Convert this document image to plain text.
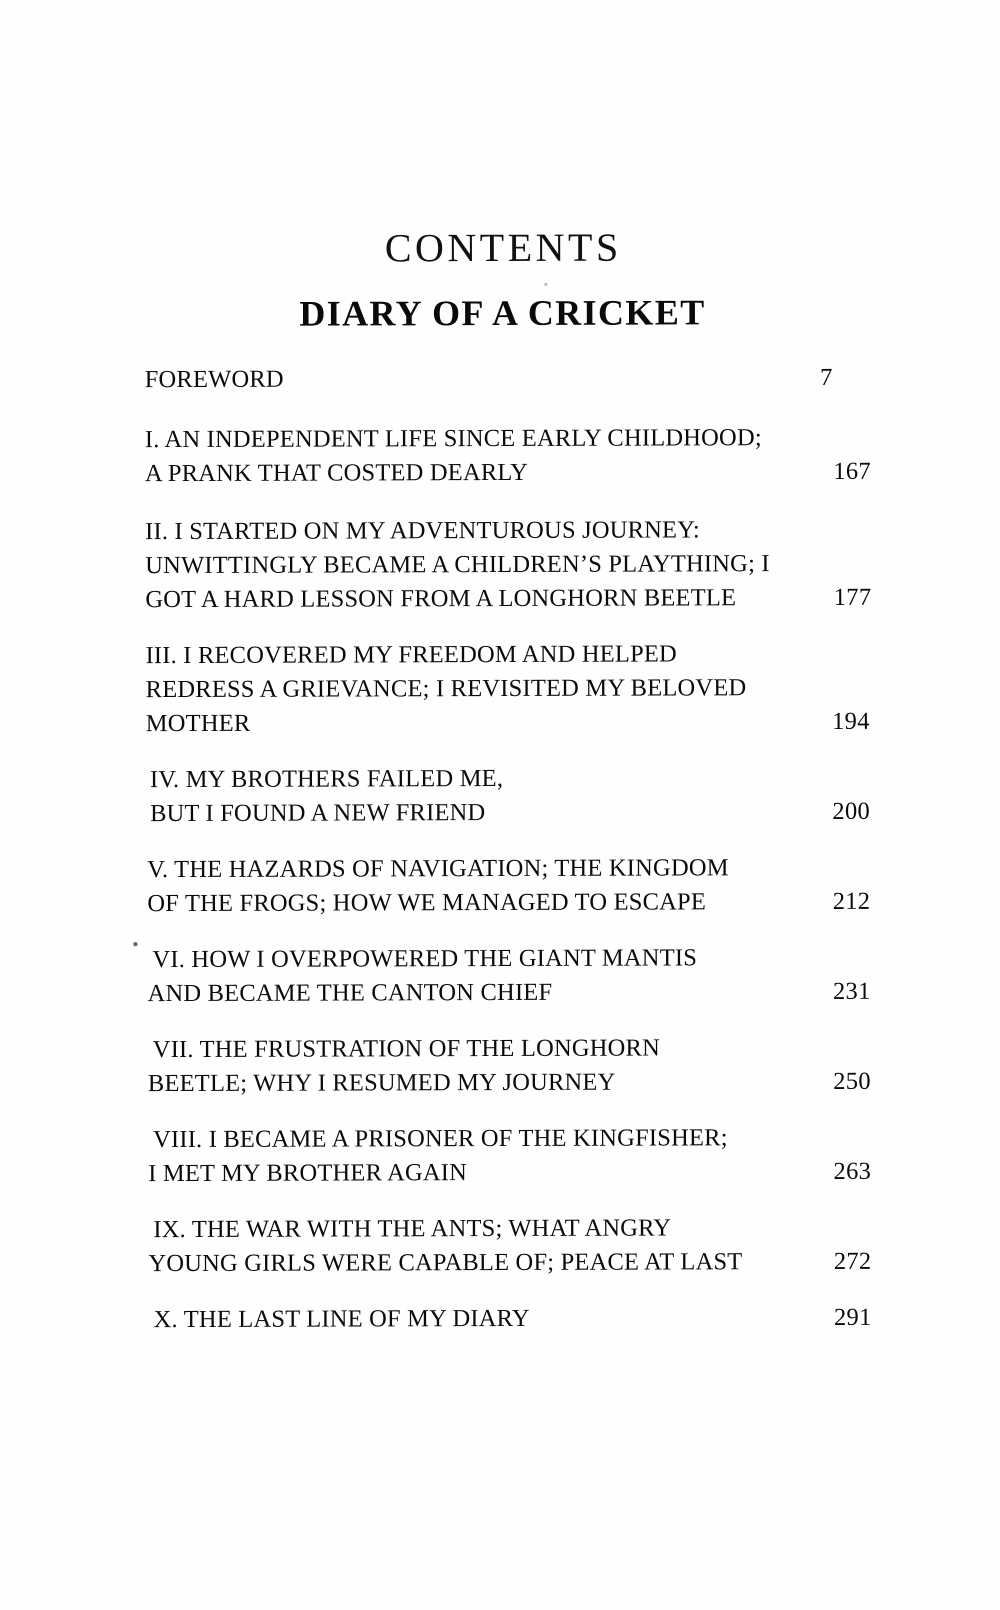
CONTENTS
DIARY OF A CRICKET
FOREWORD	7
I. AN INDEPENDENT LIFE SINCE EARLY CHILDHOOD;
A PRANK THAT COSTED DEARLY	167
II. I STARTED ON MY ADVENTUROUS JOURNEY:
UNWITTINGLY BECAME A CHILDREN’S PLAYTHING; I
GOT A HARD LESSON FROM A LONGHORN BEETLE	177
III. I RECOVERED MY FREEDOM AND HELPED
REDRESS A GRIEVANCE; I REVISITED MY BELOVED
MOTHER	194
IV. MY BROTHERS FAILED ME,
BUT I FOUND A NEW FRIEND	200
V. THE HAZARDS OF NAVIGATION; THE KINGDOM
OF THE FROGS; HOW WE MANAGED TO ESCAPE	212
VI. HOW I OVERPOWERED THE GIANT MANTIS
AND BECAME THE CANTON CHIEF	231
VII. THE FRUSTRATION OF THE LONGHORN
BEETLE; WHY I RESUMED MY JOURNEY	250
VIII. I BECAME A PRISONER OF THE KINGFISHER;
I MET MY BROTHER AGAIN	263
IX. THE WAR WITH THE ANTS; WHAT ANGRY
YOUNG GIRLS WERE CAPABLE OF; PEACE AT LAST	272
X. THE LAST LINE OF MY DIARY	291
